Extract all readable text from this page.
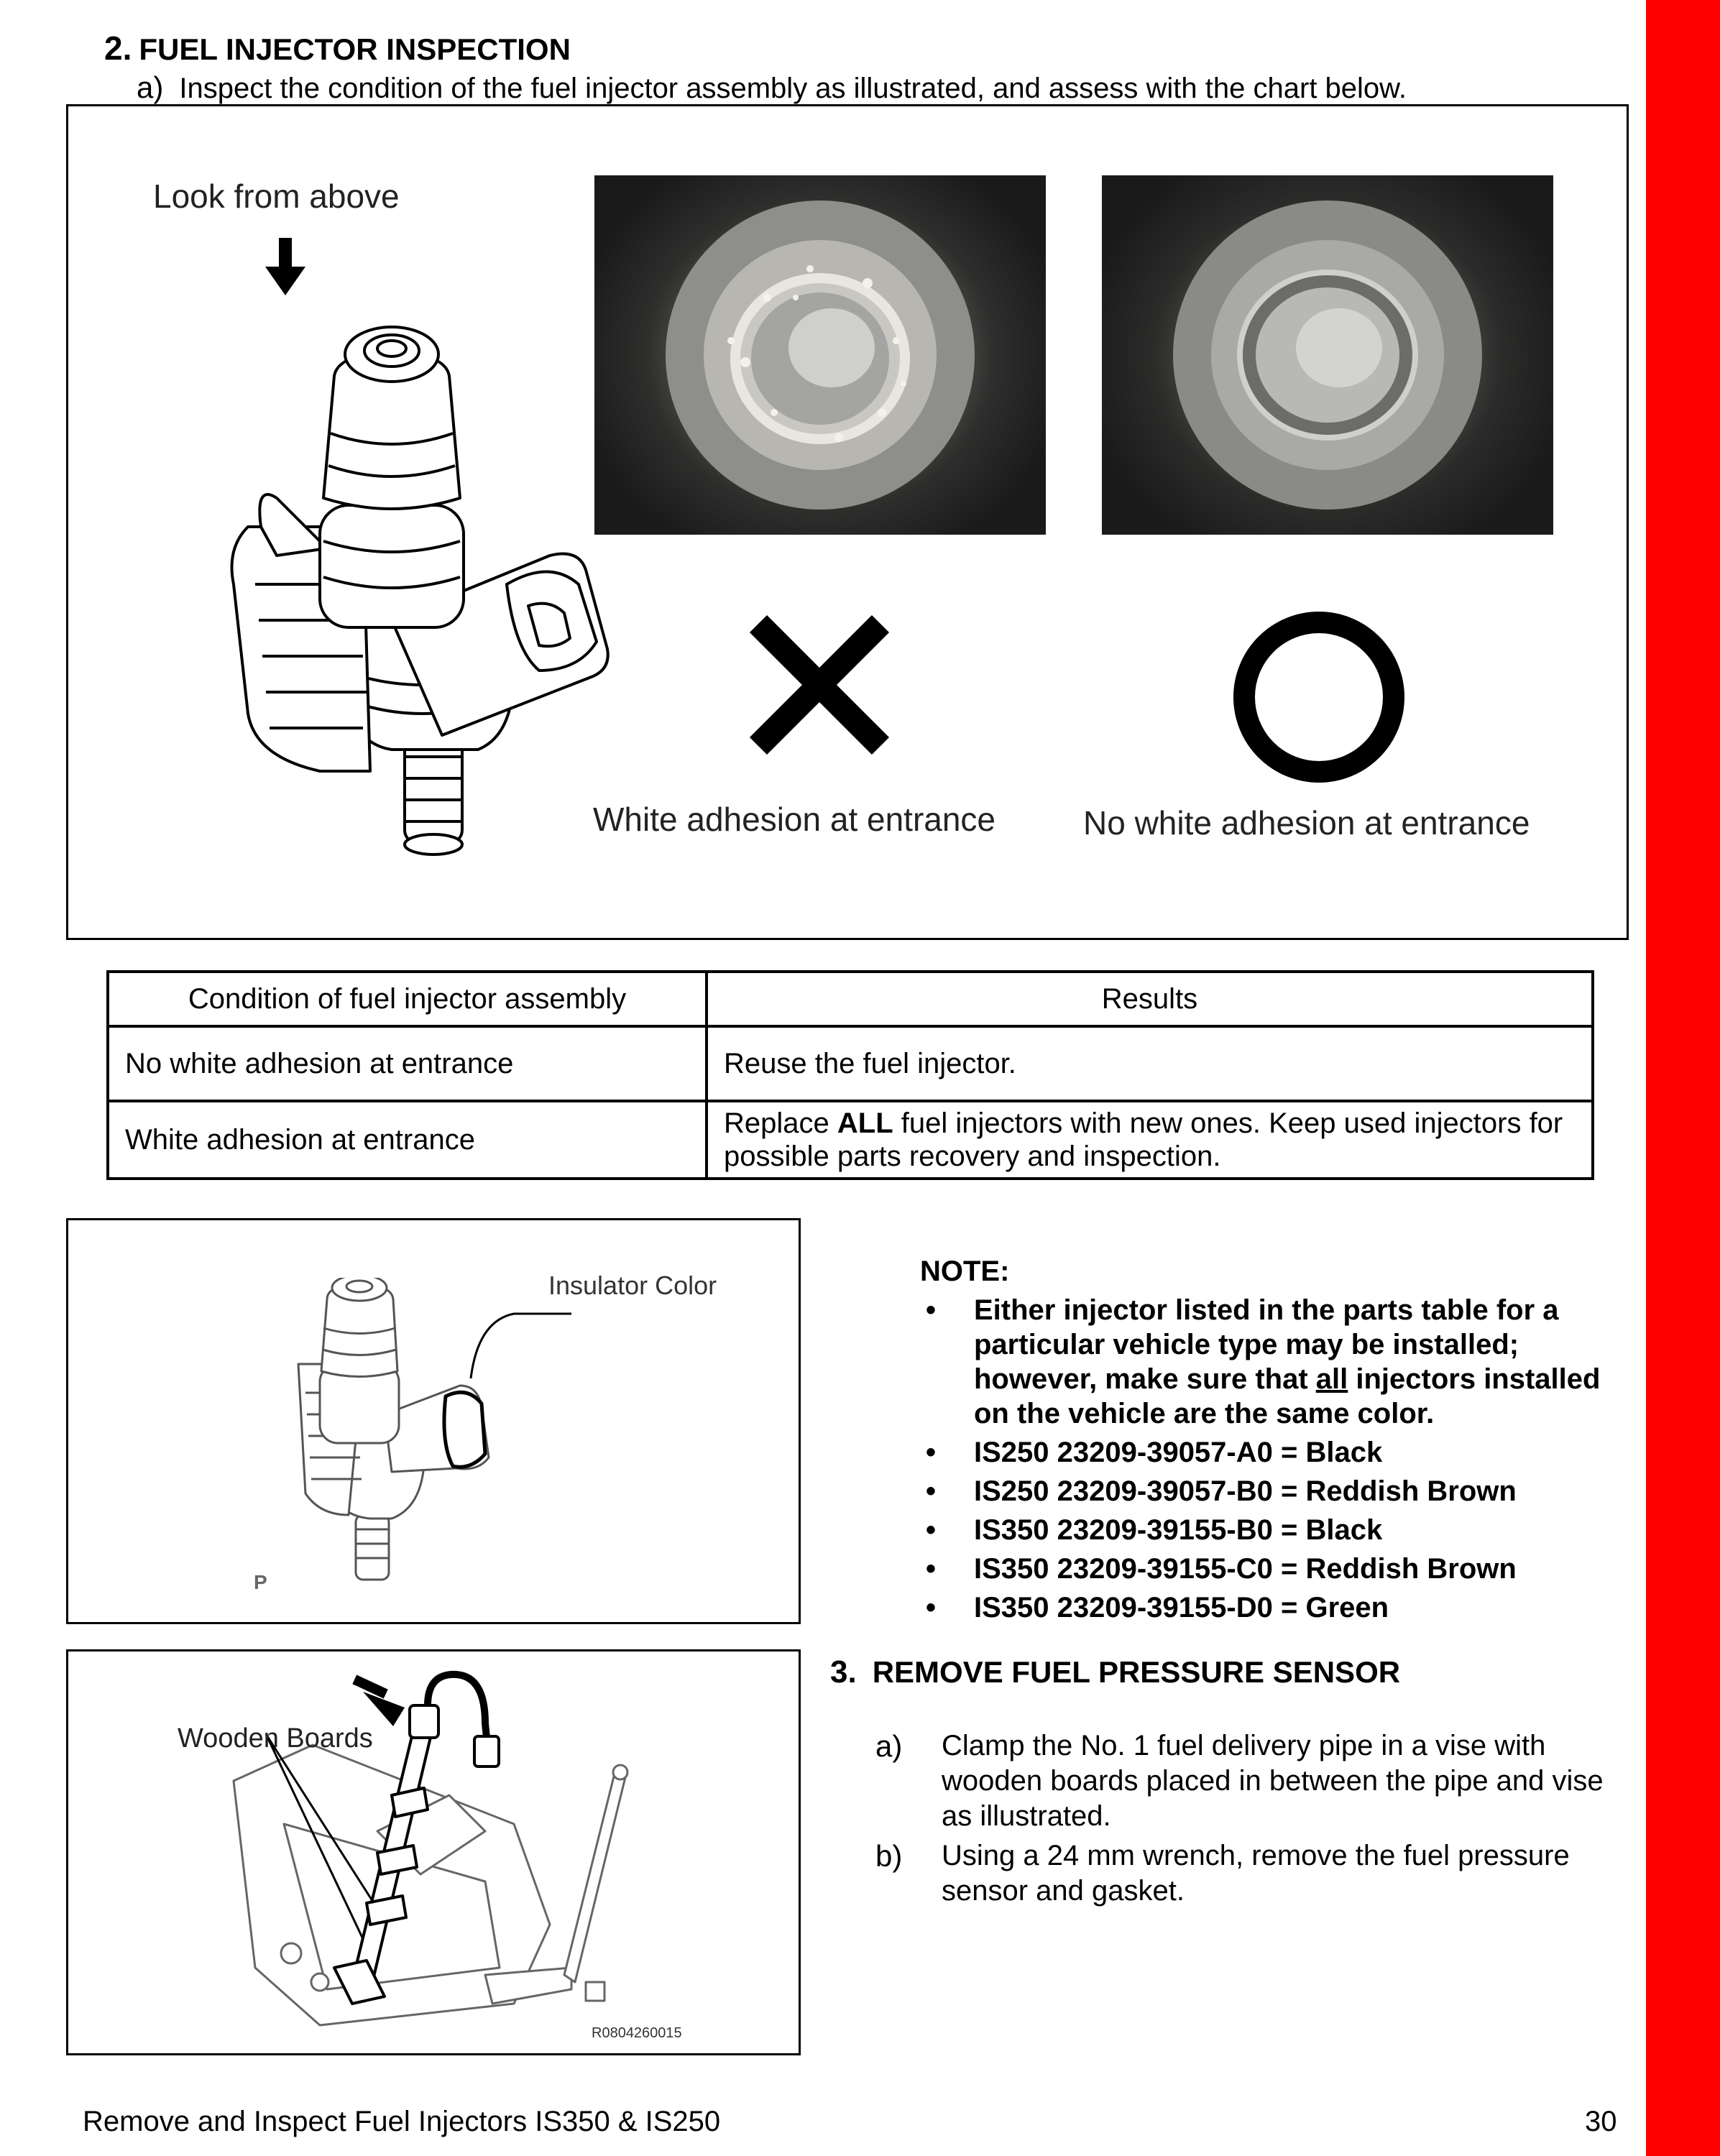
2. FUEL INJECTOR INSPECTION
a) Inspect the condition of the fuel injector assembly as illustrated, and assess with the chart below.
Look from above
White adhesion at entrance	No white adhesion at entrance
Condition of fuel injector assembly	Results
No white adhesion at entrance	Reuse the fuel injector.
White adhesion at entrance	Replace ALL fuel injectors with new ones. Keep used injectors for possible parts recovery and inspection.
Insulator Color
P
NOTE:
• Either injector listed in the parts table for a particular vehicle type may be installed; however, make sure that all injectors installed on the vehicle are the same color.
• IS250 23209-39057-A0 = Black
• IS250 23209-39057-B0 = Reddish Brown
• IS350 23209-39155-B0 = Black
• IS350 23209-39155-C0 = Reddish Brown
• IS350 23209-39155-D0 = Green
Wooden Boards
R0804260015
3. REMOVE FUEL PRESSURE SENSOR
a) Clamp the No. 1 fuel delivery pipe in a vise with wooden boards placed in between the pipe and vise as illustrated.
b) Using a 24 mm wrench, remove the fuel pressure sensor and gasket.
Remove and Inspect Fuel Injectors IS350 & IS250	30
